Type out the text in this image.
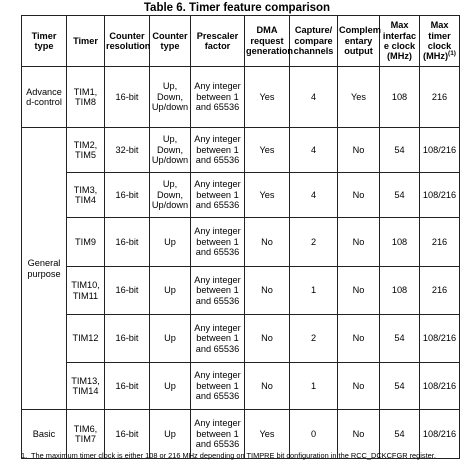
Table 6. Timer feature comparison
Timer type	Timer	Counter resolution	Counter type	Prescaler factor	DMA request generation	Capture/ compare channels	Complem entary output	Max interfac e clock (MHz)	Max timer clock (MHz)$^{(1)}$
Advance d-control	TIM1, TIM8	16-bit	Up, Down, Up/down	Any integer between 1 and 65536	Yes	4	Yes	108	216
General purpose	TIM2, TIM5	32-bit	Up, Down, Up/down	Any integer between 1 and 65536	Yes	4	No	54	108/216
	TIM3, TIM4	16-bit	Up, Down, Up/down	Any integer between 1 and 65536	Yes	4	No	54	108/216
	TIM9	16-bit	Up	Any integer between 1 and 65536	No	2	No	108	216
	TIM10, TIM11	16-bit	Up	Any integer between 1 and 65536	No	1	No	108	216
	TIM12	16-bit	Up	Any integer between 1 and 65536	No	2	No	54	108/216
	TIM13, TIM14	16-bit	Up	Any integer between 1 and 65536	No	1	No	54	108/216
Basic	TIM6, TIM7	16-bit	Up	Any integer between 1 and 65536	Yes	0	No	54	108/216
1. The maximum timer clock is either 108 or 216 MHz depending on TIMPRE bit configuration in the RCC_DCKCFGR register.
